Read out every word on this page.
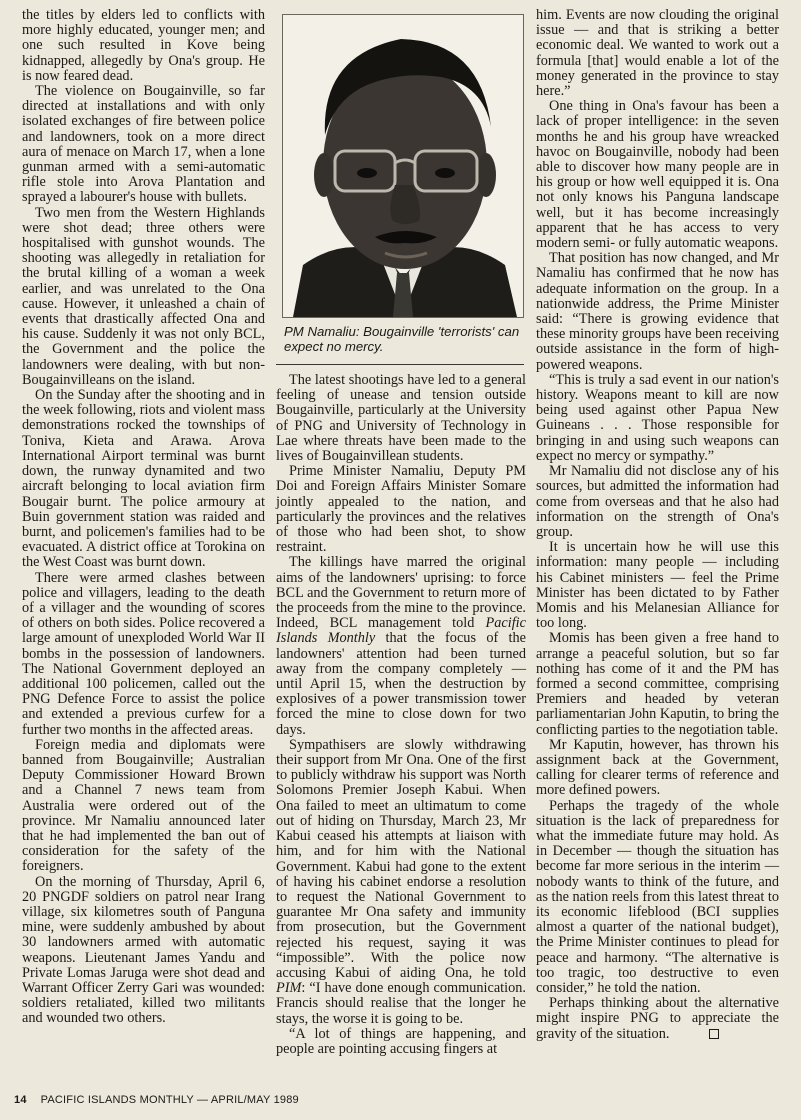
the titles by elders led to conflicts with more highly educated, younger men; and one such resulted in Kove being kidnapped, allegedly by Ona's group. He is now feared dead.

The violence on Bougainville, so far directed at installations and with only isolated exchanges of fire between police and landowners, took on a more direct aura of menace on March 17, when a lone gunman armed with a semi-automatic rifle stole into Arova Plantation and sprayed a labourer's house with bullets.

Two men from the Western Highlands were shot dead; three others were hospitalised with gunshot wounds. The shooting was allegedly in retaliation for the brutal killing of a woman a week earlier, and was unrelated to the Ona cause. However, it unleashed a chain of events that drastically affected Ona and his cause. Suddenly it was not only BCL, the Government and the police the landowners were dealing, with but non-Bougainvilleans on the island.

On the Sunday after the shooting and in the week following, riots and violent mass demonstrations rocked the townships of Toniva, Kieta and Arawa. Arova International Airport terminal was burnt down, the runway dynamited and two aircraft belonging to local aviation firm Bougair burnt. The police armoury at Buin government station was raided and burnt, and policemen's families had to be evacuated. A district office at Torokina on the West Coast was burnt down.

There were armed clashes between police and villagers, leading to the death of a villager and the wounding of scores of others on both sides. Police recovered a large amount of unexploded World War II bombs in the possession of landowners. The National Government deployed an additional 100 policemen, called out the PNG Defence Force to assist the police and extended a previous curfew for a further two months in the affected areas.

Foreign media and diplomats were banned from Bougainville; Australian Deputy Commissioner Howard Brown and a Channel 7 news team from Australia were ordered out of the province. Mr Namaliu announced later that he had implemented the ban out of consideration for the safety of the foreigners.

On the morning of Thursday, April 6, 20 PNGDF soldiers on patrol near Irang village, six kilometres south of Panguna mine, were suddenly ambushed by about 30 landowners armed with automatic weapons. Lieutenant James Yandu and Private Lomas Jaruga were shot dead and Warrant Officer Zerry Gari was wounded: soldiers retaliated, killed two militants and wounded two others.

PM Namaliu: Bougainville 'terrorists' can expect no mercy.

The latest shootings have led to a general feeling of unease and tension outside Bougainville, particularly at the University of PNG and University of Technology in Lae where threats have been made to the lives of Bougainvillean students.

Prime Minister Namaliu, Deputy PM Doi and Foreign Affairs Minister Somare jointly appealed to the nation, and particularly the provinces and the relatives of those who had been shot, to show restraint.

The killings have marred the original aims of the landowners' uprising: to force BCL and the Government to return more of the proceeds from the mine to the province. Indeed, BCL management told Pacific Islands Monthly that the focus of the landowners' attention had been turned away from the company completely — until April 15, when the destruction by explosives of a power transmission tower forced the mine to close down for two days.

Sympathisers are slowly withdrawing their support from Mr Ona. One of the first to publicly withdraw his support was North Solomons Premier Joseph Kabui. When Ona failed to meet an ultimatum to come out of hiding on Thursday, March 23, Mr Kabui ceased his attempts at liaison with him, and for him with the National Government. Kabui had gone to the extent of having his cabinet endorse a resolution to request the National Government to guarantee Mr Ona safety and immunity from prosecution, but the Government rejected his request, saying it was “impossible”. With the police now accusing Kabui of aiding Ona, he told PIM: “I have done enough communication. Francis should realise that the longer he stays, the worse it is going to be.

“A lot of things are happening, and people are pointing accusing fingers at

him. Events are now clouding the original issue — and that is striking a better economic deal. We wanted to work out a formula [that] would enable a lot of the money generated in the province to stay here.”

One thing in Ona's favour has been a lack of proper intelligence: in the seven months he and his group have wreacked havoc on Bougainville, nobody had been able to discover how many people are in his group or how well equipped it is. Ona not only knows his Panguna landscape well, but it has become increasingly apparent that he has access to very modern semi- or fully automatic weapons.

That position has now changed, and Mr Namaliu has confirmed that he now has adequate information on the group. In a nationwide address, the Prime Minister said: “There is growing evidence that these minority groups have been receiving outside assistance in the form of high-powered weapons.

“This is truly a sad event in our nation's history. Weapons meant to kill are now being used against other Papua New Guineans . . . Those responsible for bringing in and using such weapons can expect no mercy or sympathy.”

Mr Namaliu did not disclose any of his sources, but admitted the information had come from overseas and that he also had information on the strength of Ona's group.

It is uncertain how he will use this information: many people — including his Cabinet ministers — feel the Prime Minister has been dictated to by Father Momis and his Melanesian Alliance for too long.

Momis has been given a free hand to arrange a peaceful solution, but so far nothing has come of it and the PM has formed a second committee, comprising Premiers and headed by veteran parliamentarian John Kaputin, to bring the conflicting parties to the negotiation table.

Mr Kaputin, however, has thrown his assignment back at the Government, calling for clearer terms of reference and more defined powers.

Perhaps the tragedy of the whole situation is the lack of preparedness for what the immediate future may hold. As in December — though the situation has become far more serious in the interim — nobody wants to think of the future, and as the nation reels from this latest threat to its economic lifeblood (BCI supplies almost a quarter of the national budget), the Prime Minister continues to plead for peace and harmony. “The alternative is too tragic, too destructive to even consider,” he told the nation.

Perhaps thinking about the alternative might inspire PNG to appreciate the gravity of the situation.

14 PACIFIC ISLANDS MONTHLY — APRIL/MAY 1989
